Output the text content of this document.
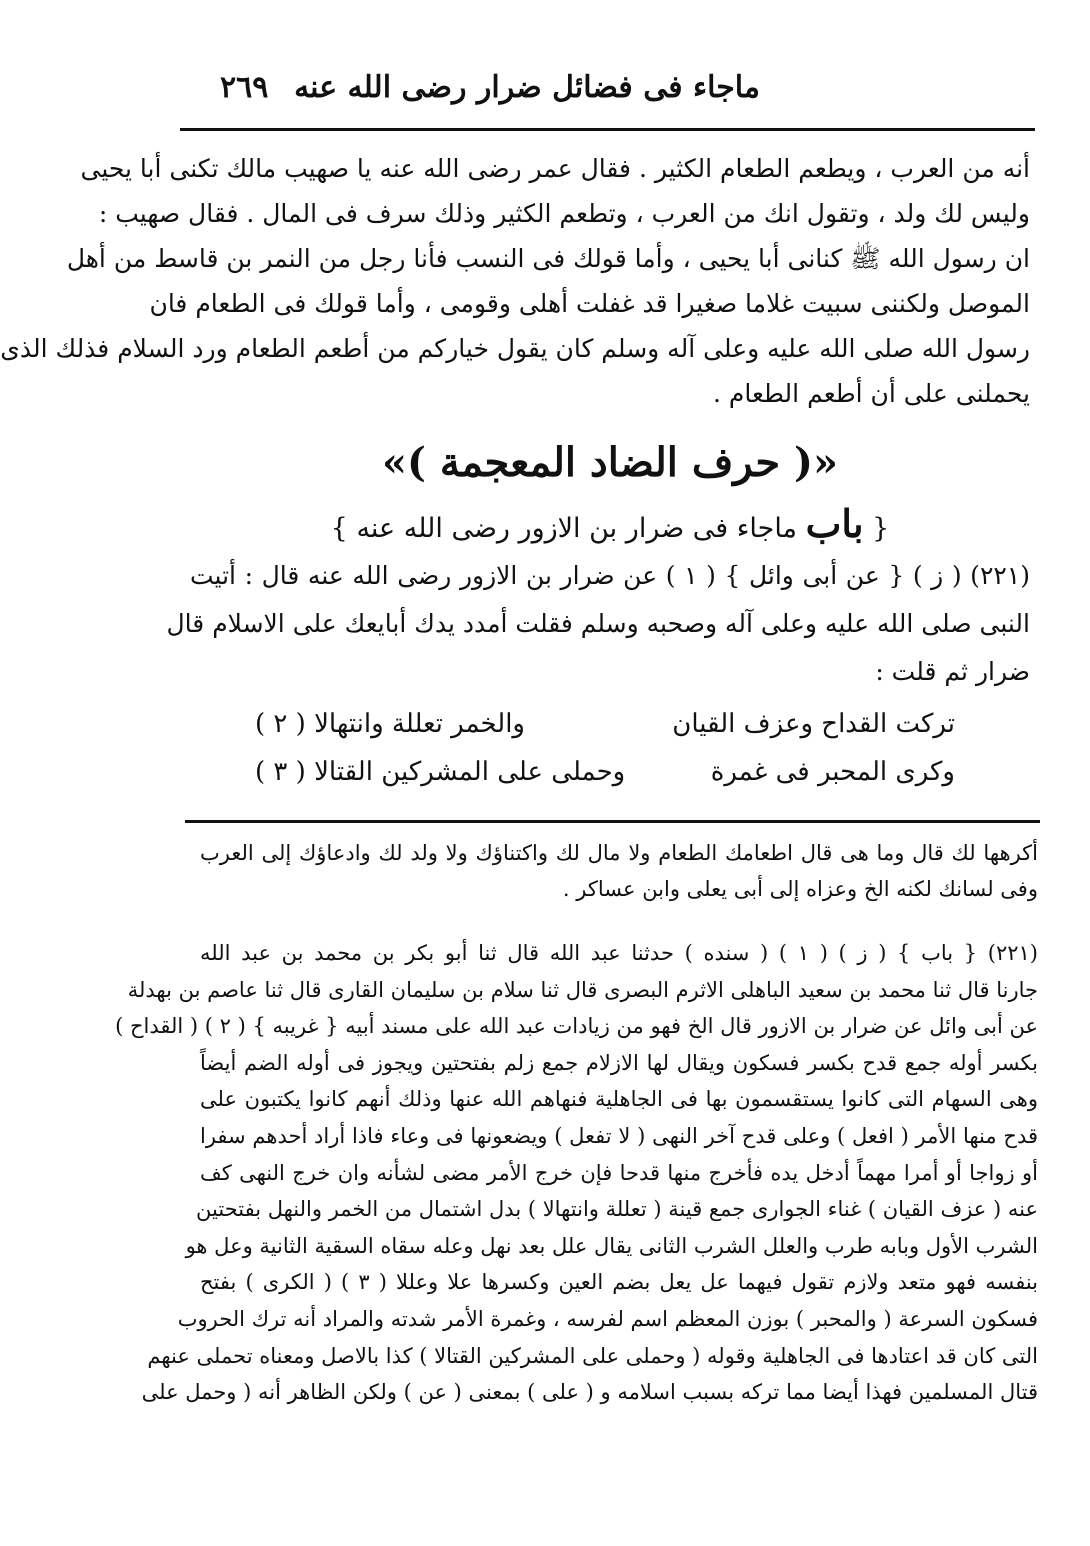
ماجاء فى فضائل ضرار رضى الله عنه
٢٦٩
أنه من العرب ، ويطعم الطعام الكثير . فقال عمر رضى الله عنه يا صهيب مالك تكنى أبا يحيى
وليس لك ولد ، وتقول انك من العرب ، وتطعم الكثير وذلك سرف فى المال . فقال صهيب :
ان رسول الله ﷺ كنانى أبا يحيى ، وأما قولك فى النسب فأنا رجل من النمر بن قاسط من أهل
الموصل ولكننى سبيت غلاما صغيرا قد غفلت أهلى وقومى ، وأما قولك فى الطعام فان
رسول الله صلى الله عليه وعلى آله وسلم كان يقول خياركم من أطعم الطعام ورد السلام فذلك الذى
يحملنى على أن أطعم الطعام .
«( حرف الضاد المعجمة )»
{ باب ماجاء فى ضرار بن الازور رضى الله عنه }
(٢٢١) ( ز ) { عن أبى وائل } ( ١ ) عن ضرار بن الازور رضى الله عنه قال : أتيت
النبى صلى الله عليه وعلى آله وصحبه وسلم فقلت أمدد يدك أبايعك على الاسلام قال
ضرار ثم قلت :
تركت القداح وعزف القيان
والخمر تعللة وانتهالا ( ٢ )
وكرى المحبر فى غمرة
وحملى على المشركين القتالا ( ٣ )
أكرهها لك قال وما هى قال اطعامك الطعام ولا مال لك واكتناؤك ولا ولد لك وادعاؤك إلى العرب
وفى لسانك لكنه الخ وعزاه إلى أبى يعلى وابن عساكر .
(٢٢١) { باب } ( ز ) ( ١ ) ( سنده ) حدثنا عبد الله قال ثنا أبو بكر بن محمد بن عبد الله
جارنا قال ثنا محمد بن سعيد الباهلى الاثرم البصرى قال ثنا سلام بن سليمان القارى قال ثنا عاصم بن بهدلة
عن أبى وائل عن ضرار بن الازور قال الخ فهو من زيادات عبد الله على مسند أبيه { غريبه } ( ٢ ) ( القداح )
بكسر أوله جمع قدح بكسر فسكون ويقال لها الازلام جمع زلم بفتحتين ويجوز فى أوله الضم أيضاً
وهى السهام التى كانوا يستقسمون بها فى الجاهلية فنهاهم الله عنها وذلك أنهم كانوا يكتبون على
قدح منها الأمر ( افعل ) وعلى قدح آخر النهى ( لا تفعل ) ويضعونها فى وعاء فاذا أراد أحدهم سفرا
أو زواجا أو أمرا مهماً أدخل يده فأخرج منها قدحا فإن خرج الأمر مضى لشأنه وان خرج النهى كف
عنه ( عزف القيان ) غناء الجوارى جمع قينة ( تعللة وانتهالا ) بدل اشتمال من الخمر والنهل بفتحتين
الشرب الأول وبابه طرب والعلل الشرب الثانى يقال علل بعد نهل وعله سقاه السقية الثانية وعل هو
بنفسه فهو متعد ولازم تقول فيهما عل يعل بضم العين وكسرها علا وعللا ( ٣ ) ( الكرى ) بفتح
فسكون السرعة ( والمحبر ) بوزن المعظم اسم لفرسه ، وغمرة الأمر شدته والمراد أنه ترك الحروب
التى كان قد اعتادها فى الجاهلية وقوله ( وحملى على المشركين القتالا ) كذا بالاصل ومعناه تحملى عنهم
قتال المسلمين فهذا أيضا مما تركه بسبب اسلامه و ( على ) بمعنى ( عن ) ولكن الظاهر أنه ( وحمل على
